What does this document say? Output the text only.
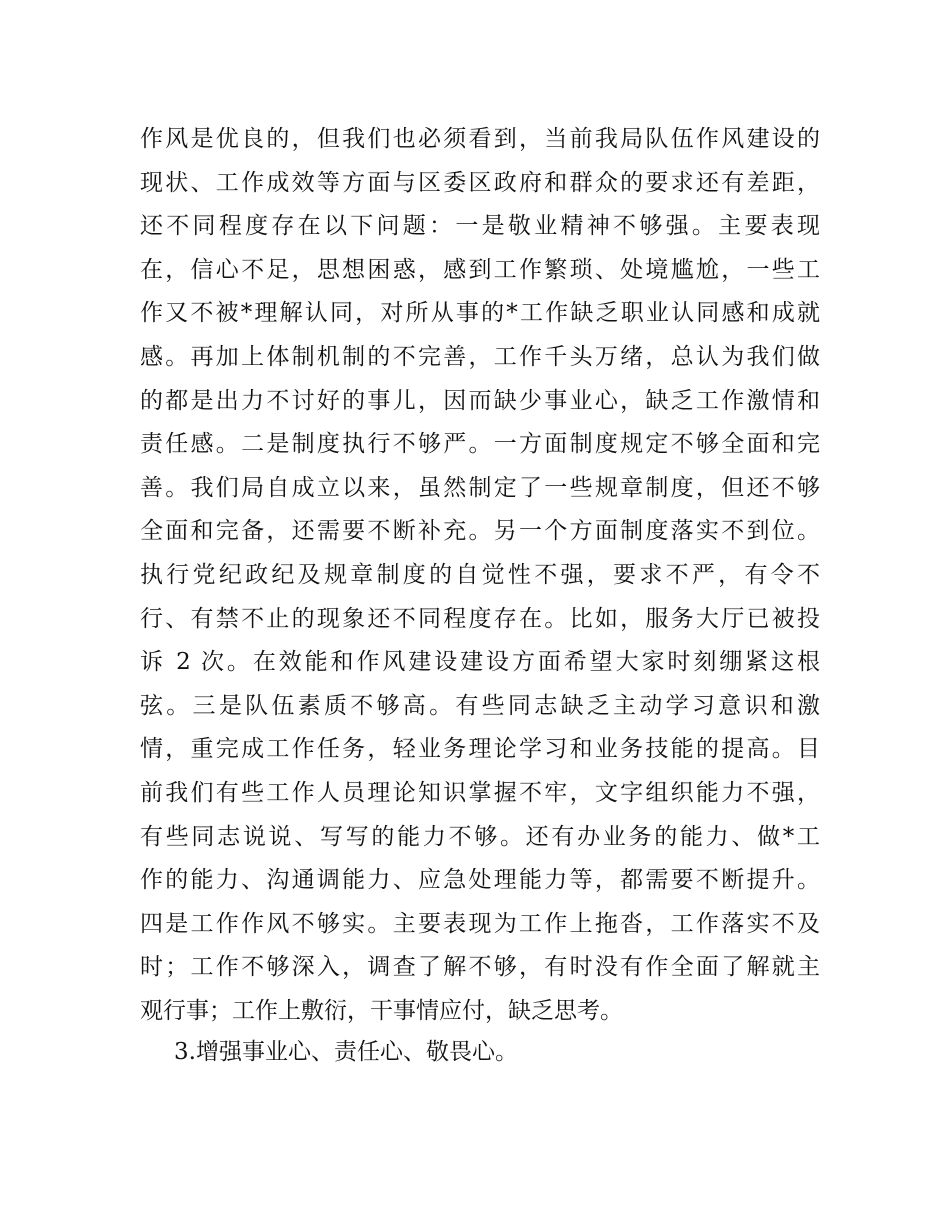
作风是优良的，但我们也必须看到，当前我局队伍作风建设的
现状、工作成效等方面与区委区政府和群众的要求还有差距，
还不同程度存在以下问题：一是敬业精神不够强。主要表现
在，信心不足，思想困惑，感到工作繁琐、处境尴尬，一些工
作又不被*理解认同，对所从事的*工作缺乏职业认同感和成就
感。再加上体制机制的不完善，工作千头万绪，总认为我们做
的都是出力不讨好的事儿，因而缺少事业心，缺乏工作激情和
责任感。二是制度执行不够严。一方面制度规定不够全面和完
善。我们局自成立以来，虽然制定了一些规章制度，但还不够
全面和完备，还需要不断补充。另一个方面制度落实不到位。
执行党纪政纪及规章制度的自觉性不强，要求不严，有令不
行、有禁不止的现象还不同程度存在。比如，服务大厅已被投
诉 2 次。在效能和作风建设建设方面希望大家时刻绷紧这根
弦。三是队伍素质不够高。有些同志缺乏主动学习意识和激
情，重完成工作任务，轻业务理论学习和业务技能的提高。目
前我们有些工作人员理论知识掌握不牢，文字组织能力不强，
有些同志说说、写写的能力不够。还有办业务的能力、做*工
作的能力、沟通调能力、应急处理能力等，都需要不断提升。
四是工作作风不够实。主要表现为工作上拖沓，工作落实不及
时；工作不够深入，调查了解不够，有时没有作全面了解就主
观行事；工作上敷衍，干事情应付，缺乏思考。

3.增强事业心、责任心、敬畏心。
